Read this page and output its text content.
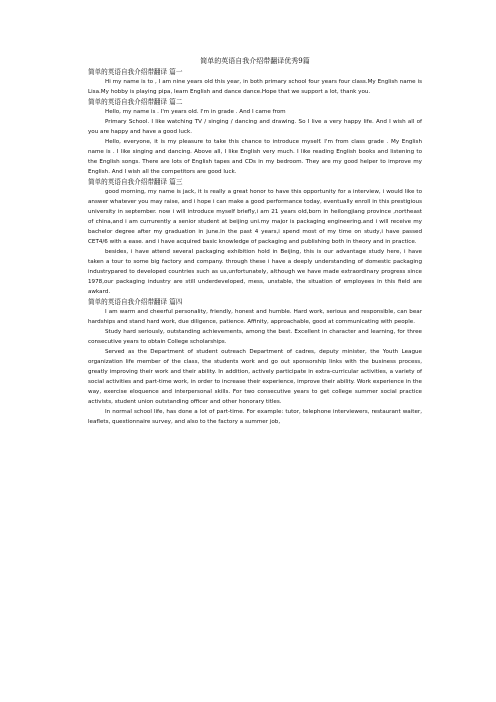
简单的英语自我介绍带翻译优秀9篇
简单的英语自我介绍带翻译 篇一

Hi my name is to , I am nine years old this year, in both primary school four years four class.My English name is Lisa.My hobby is playing pipa, learn English and dance dance.Hope that we support a lot, thank you.

简单的英语自我介绍带翻译 篇二

Hello, my name is . I'm years old. I'm in grade . And I came from

Primary School. I like watching TV / singing / dancing and drawing. So I live a very happy life. And I wish all of you are happy and have a good luck.

Hello, everyone, it is my pleasure to take this chance to introduce myself. I'm from class grade . My English name is . I like singing and dancing. Above all, I like English very much. I like reading English books and listening to the English songs. There are lots of English tapes and CDs in my bedroom. They are my good helper to improve my English. And I wish all the competitors are good luck.

简单的英语自我介绍带翻译 篇三

good morning, my name is jack, it is really a great honor to have this opportunity for a interview, i would like to answer whatever you may raise, and i hope i can make a good performance today, eventually enroll in this prestigious university in september. now i will introduce myself briefly,i am 21 years old,born in heilongjiang province ,northeast of china,and i am currurently a senior student at beijing uni.my major is packaging engineering.and i will receive my bachelor degree after my graduation in june.in the past 4 years,i spend most of my time on study,i have passed CET4/6 with a ease. and i have acquired basic knowledge of packaging and publishing both in theory and in practice.

besides, i have attend several packaging exhibition hold in Beijing, this is our advantage study here, i have taken a tour to some big factory and company. through these i have a deeply understanding of domestic packaging industrypared to developed countries such as us,unfortunately, although we have made extraordinary progress since 1978,our packaging industry are still underdeveloped, mess, unstable, the situation of employees in this field are awkard.

简单的英语自我介绍带翻译 篇四

I am warm and cheerful personality, friendly, honest and humble. Hard work, serious and responsible, can bear hardships and stand hard work, due diligence, patience. Affinity, approachable, good at communicating with people.

Study hard seriously, outstanding achievements, among the best. Excellent in character and learning, for three consecutive years to obtain College scholarships.

Served as the Department of student outreach Department of cadres, deputy minister, the Youth League organization life member of the class, the students work and go out sponsorship links with the business process, greatly improving their work and their ability. In addition, actively participate in extra-curricular activities, a variety of social activities and part-time work, in order to increase their experience, improve their ability. Work experience in the way, exercise eloquence and interpersonal skills. For two consecutive years to get college summer social practice activists, student union outstanding officer and other honorary titles.

In normal school life, has done a lot of part-time. For example: tutor, telephone interviewers, restaurant waiter, leaflets, questionnaire survey, and also to the factory a summer job,
